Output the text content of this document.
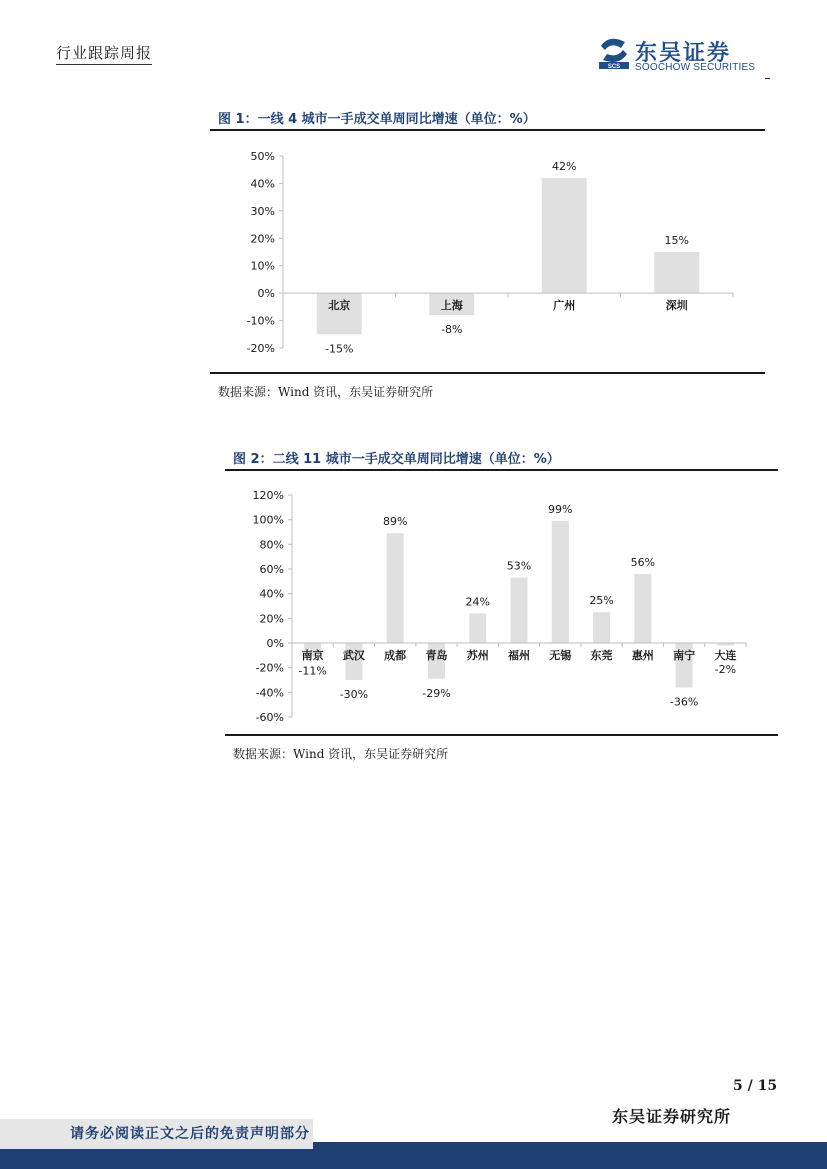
行业跟踪周报
SCS
东吴证券
SOOCHOW SECURITIES
图 1：一线 4 城市一手成交单周同比增速（单位：%）
50%
40%
30%
20%
10%
0%
-10%
-20%
北京
-15%
上海
-8%
广州
42%
深圳
15%
数据来源：Wind 资讯，东吴证券研究所
图 2：二线 11 城市一手成交单周同比增速（单位：%）
120%
100%
80%
60%
40%
20%
0%
-20%
-40%
-60%
南京
-11%
武汉
-30%
成都
89%
青岛
-29%
苏州
24%
福州
53%
无锡
99%
东莞
25%
惠州
56%
南宁
-36%
大连
-2%
数据来源：Wind 资讯，东吴证券研究所
5 / 15
东吴证券研究所
请务必阅读正文之后的免责声明部分
